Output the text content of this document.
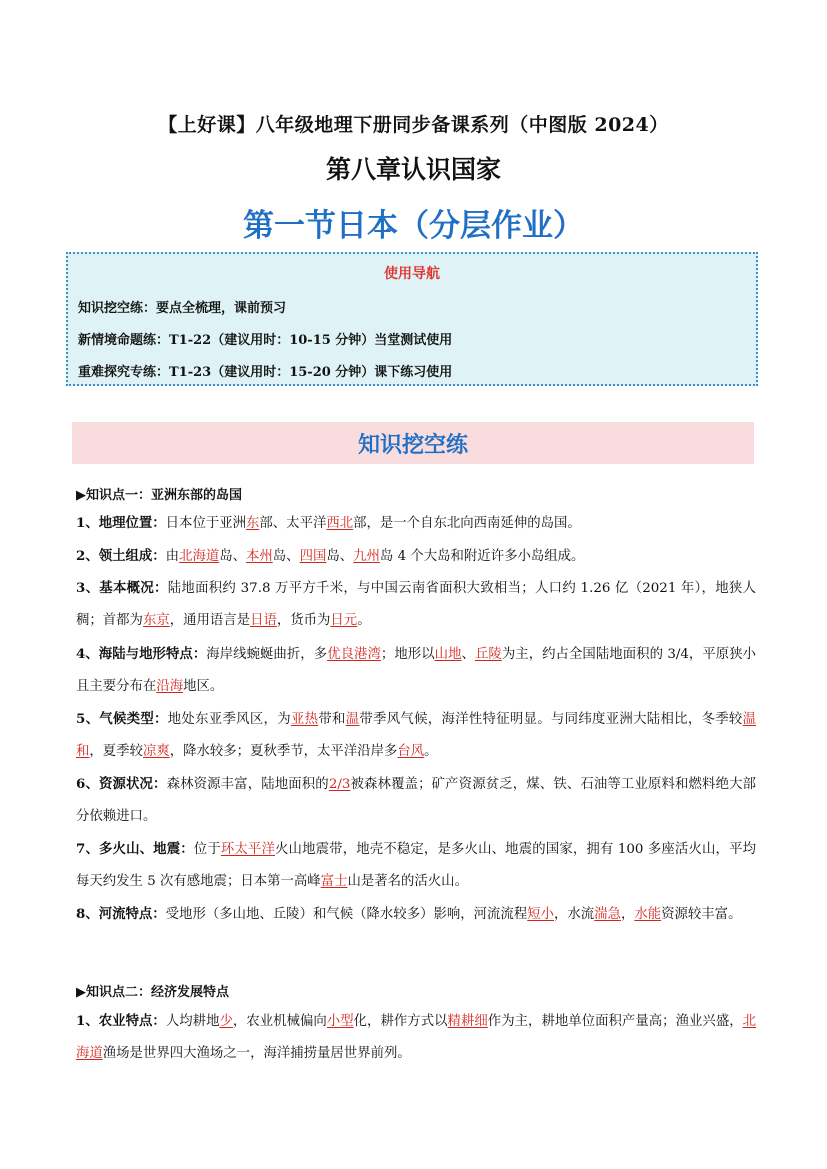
【上好课】八年级地理下册同步备课系列（中图版 2024）
第八章认识国家
第一节日本（分层作业）
使用导航
知识挖空练：要点全梳理，课前预习
新情境命题练：T1-22（建议用时：10-15 分钟）当堂测试使用
重难探究专练：T1-23（建议用时：15-20 分钟）课下练习使用
知识挖空练
▶知识点一：亚洲东部的岛国
1、地理位置：日本位于亚洲东部、太平洋西北部，是一个自东北向西南延伸的岛国。
2、领土组成：由北海道岛、本州岛、四国岛、九州岛 4 个大岛和附近许多小岛组成。
3、基本概况：陆地面积约 37.8 万平方千米，与中国云南省面积大致相当；人口约 1.26 亿（2021 年），地狭人稠；首都为东京，通用语言是日语，货币为日元。
4、海陆与地形特点：海岸线蜿蜒曲折，多优良港湾；地形以山地、丘陵为主，约占全国陆地面积的 3/4，平原狭小且主要分布在沿海地区。
5、气候类型：地处东亚季风区，为亚热带和温带季风气候，海洋性特征明显。与同纬度亚洲大陆相比，冬季较温和，夏季较凉爽，降水较多；夏秋季节，太平洋沿岸多台风。
6、资源状况：森林资源丰富，陆地面积的2/3被森林覆盖；矿产资源贫乏，煤、铁、石油等工业原料和燃料绝大部分依赖进口。
7、多火山、地震：位于环太平洋火山地震带，地壳不稳定，是多火山、地震的国家，拥有 100 多座活火山，平均每天约发生 5 次有感地震；日本第一高峰富士山是著名的活火山。
8、河流特点：受地形（多山地、丘陵）和气候（降水较多）影响，河流流程短小，水流湍急，水能资源较丰富。
▶知识点二：经济发展特点
1、农业特点：人均耕地少，农业机械偏向小型化，耕作方式以精耕细作为主，耕地单位面积产量高；渔业兴盛，北海道渔场是世界四大渔场之一，海洋捕捞量居世界前列。
